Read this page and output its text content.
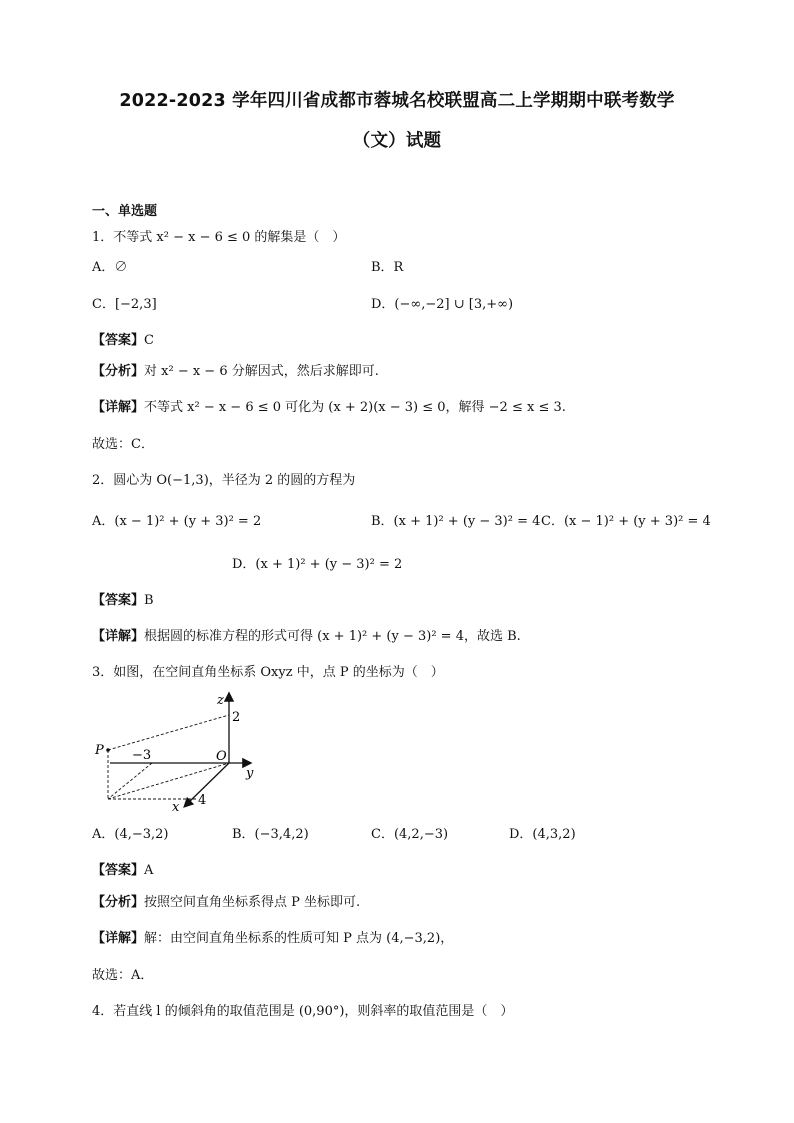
2022-2023 学年四川省成都市蓉城名校联盟高二上学期期中联考数学
（文）试题
一、单选题
1．不等式 x² − x − 6 ≤ 0 的解集是（　）
A．∅	B．R
C．[−2,3]	D．(−∞,−2] ∪ [3,+∞)
【答案】C
【分析】对 x² − x − 6 分解因式，然后求解即可.
【详解】不等式 x² − x − 6 ≤ 0 可化为 (x + 2)(x − 3) ≤ 0，解得 −2 ≤ x ≤ 3.
故选：C．
2．圆心为 O(−1,3)，半径为 2 的圆的方程为
A．(x − 1)² + (y + 3)² = 2	B．(x + 1)² + (y − 3)² = 4 C．(x − 1)² + (y + 3)² = 4
D．(x + 1)² + (y − 3)² = 2
【答案】B
【详解】根据圆的标准方程的形式可得 (x + 1)² + (y − 3)² = 4，故选 B.
3．如图，在空间直角坐标系 Oxyz 中，点 P 的坐标为（　）
z
2
y
O
P −3
x 4
A．(4,−3,2)	B．(−3,4,2)	C．(4,2,−3)	D．(4,3,2)
【答案】A
【分析】按照空间直角坐标系得点 P 坐标即可.
【详解】解：由空间直角坐标系的性质可知 P 点为 (4,−3,2)，
故选：A．
4．若直线 l 的倾斜角的取值范围是 (0,90°)，则斜率的取值范围是（　）
